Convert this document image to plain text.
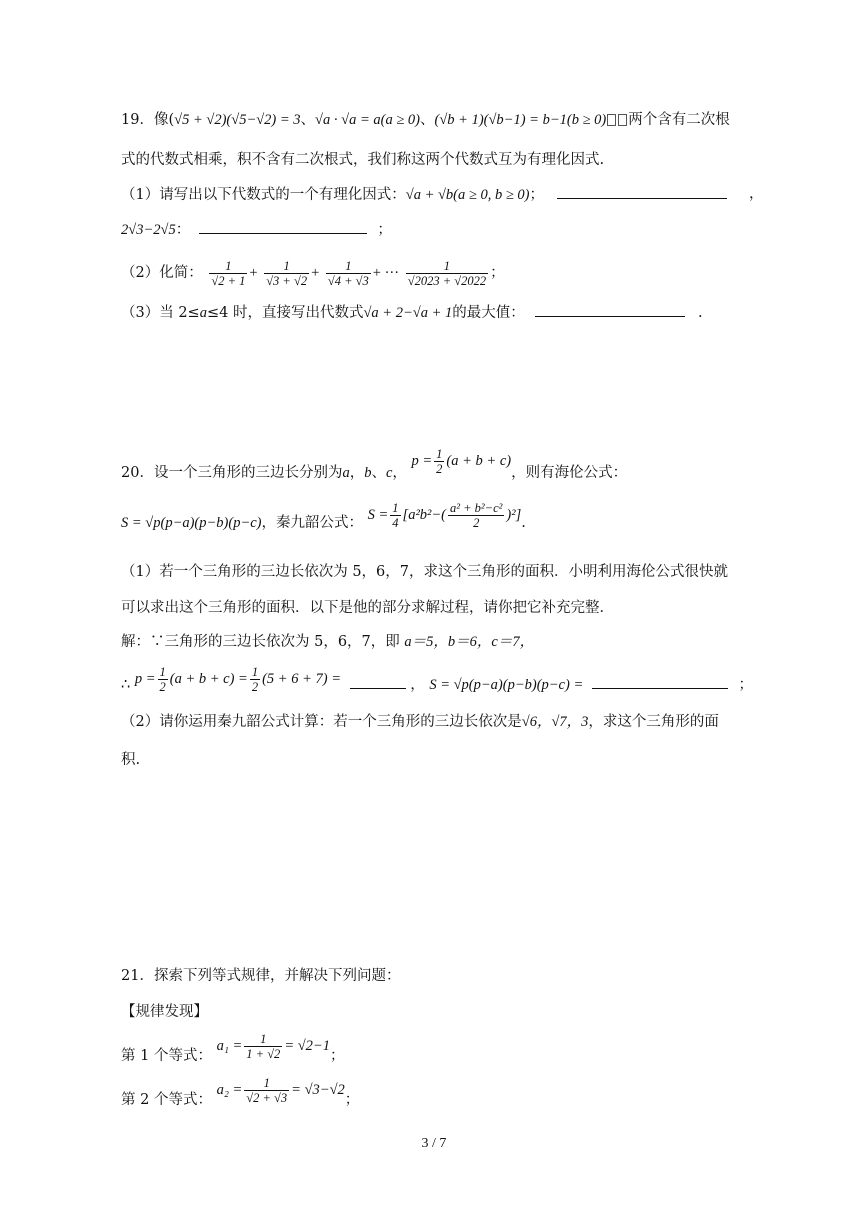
19．像(√5 + √2)(√5−√2) = 3、√a · √a = a(a ≥ 0)、(√b + 1)(√b−1) = b−1(b ≥ 0) 两个含有二次根
式的代数式相乘，积不含有二次根式，我们称这两个代数式互为有理化因式.
（1）请写出以下代数式的一个有理化因式：√a + √b(a ≥ 0, b ≥ 0)；	，
2√3−2√5：	；
（2）化简： $\frac{1}{√2 + 1} + \frac{1}{√3 + √2} + \frac{1}{√4 + √3}$ + ··· $\frac{1}{√2023 + √2022}$ ；
（3）当 2≤a≤4 时，直接写出代数式√a + 2−√a + 1的最大值：	.
20．设一个三角形的三边长分别为a，b、c， $p = \frac{1}{2} (a + b + c)$，则有海伦公式：
S = √p(p−a)(p−b)(p−c)，秦九韶公式： $S = \frac{1}{4} [a^2b^2-( \frac{\text{a² + b²−c²}}{2} )^2]$.
（1）若一个三角形的三边长依次为 5，6，7，求这个三角形的面积．小明利用海伦公式很快就
可以求出这个三角形的面积．以下是他的部分求解过程，请你把它补充完整．
解：∵三角形的三边长依次为 5，6，7，即 a＝5，b＝6，c＝7，
∴ $p = \frac{1}{2} (a + b + c) = \frac{1}{2} (5 + 6 + 7)$ =	， S = √p(p−a)(p−b)(p−c) =	；
（2）请你运用秦九韶公式计算：若一个三角形的三边长依次是√6，√7，3，求这个三角形的面
积.
21．探索下列等式规律，并解决下列问题：
【规律发现】
第 1 个等式： $a_1 = \frac{1}{1 + √2} = √2-1$；
第 2 个等式： $a_2 = \frac{1}{√2 + √3} = √3-√2$；
3 / 7
